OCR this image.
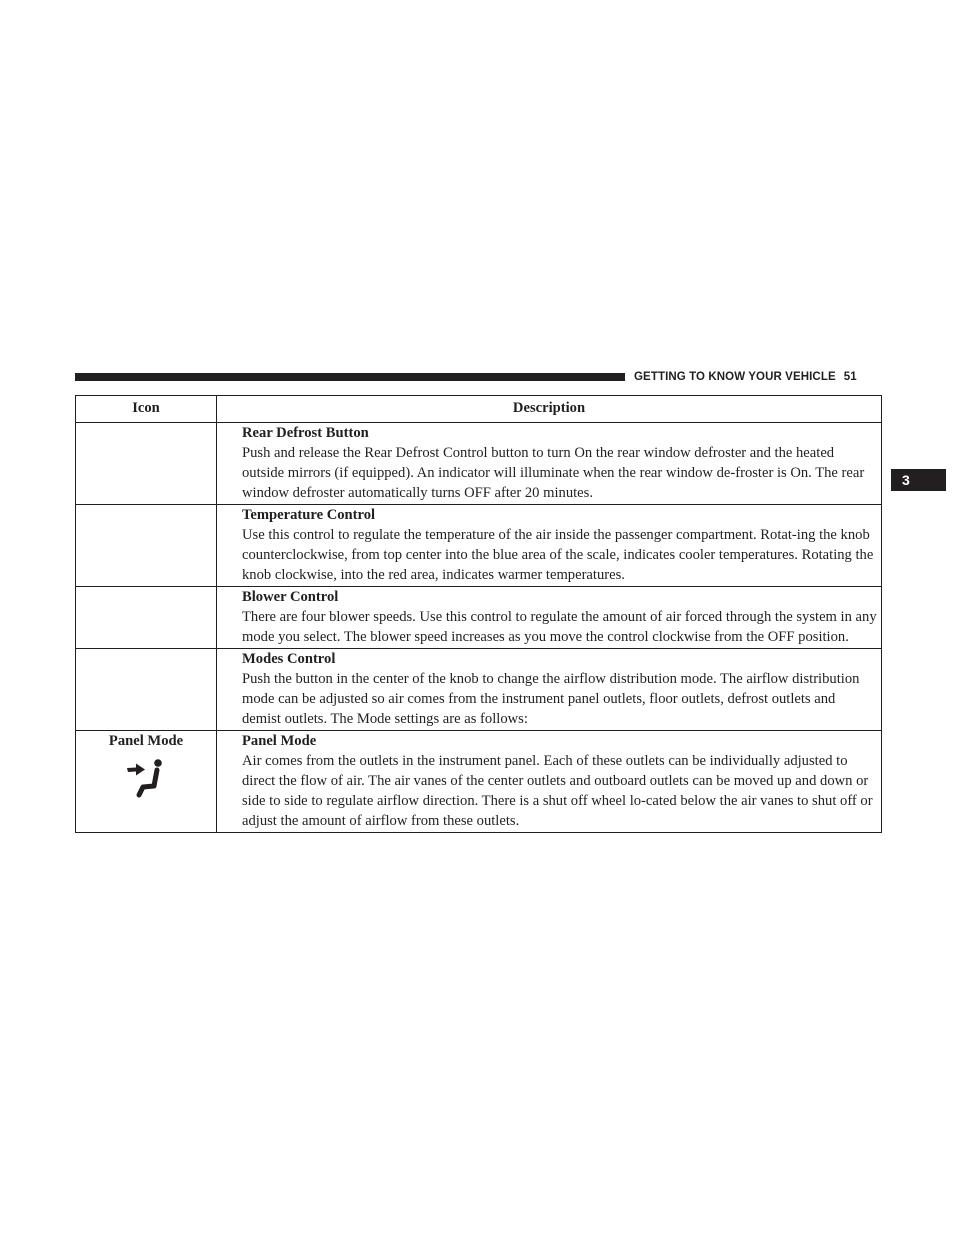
GETTING TO KNOW YOUR VEHICLE 51
3
Icon	Description

	Rear Defrost Button
Push and release the Rear Defrost Control button to turn On the rear window defroster and the heated outside mirrors (if equipped). An indicator will illuminate when the rear window de-froster is On. The rear window defroster automatically turns OFF after 20 minutes.

	Temperature Control
Use this control to regulate the temperature of the air inside the passenger compartment. Rotat-ing the knob counterclockwise, from top center into the blue area of the scale, indicates cooler temperatures. Rotating the knob clockwise, into the red area, indicates warmer temperatures.

	Blower Control
There are four blower speeds. Use this control to regulate the amount of air forced through the system in any mode you select. The blower speed increases as you move the control clockwise from the OFF position.

	Modes Control
Push the button in the center of the knob to change the airflow distribution mode. The airflow distribution mode can be adjusted so air comes from the instrument panel outlets, floor outlets, defrost outlets and demist outlets. The Mode settings are as follows:

Panel Mode	Panel Mode
Air comes from the outlets in the instrument panel. Each of these outlets can be individually adjusted to direct the flow of air. The air vanes of the center outlets and outboard outlets can be moved up and down or side to side to regulate airflow direction. There is a shut off wheel lo-cated below the air vanes to shut off or adjust the amount of airflow from these outlets.
